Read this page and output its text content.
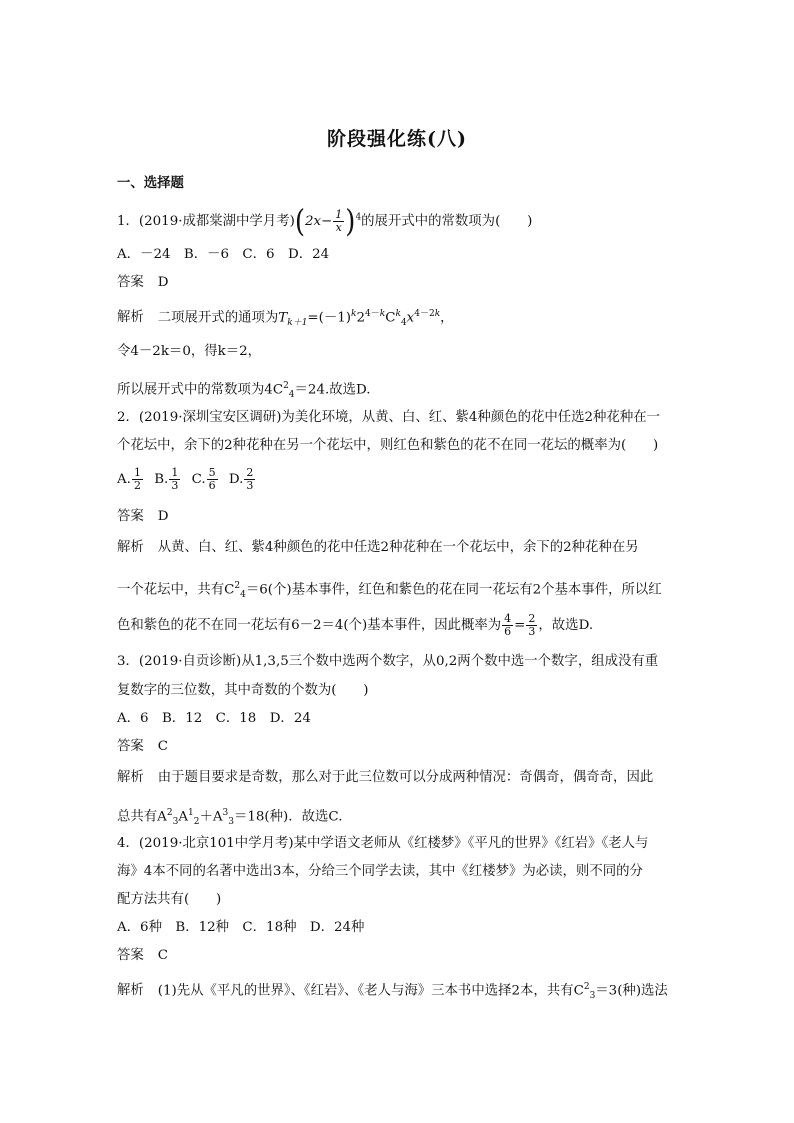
阶段强化练(八)
一、选择题
1．(2019·成都棠湖中学月考)$(2x- \frac{1}{x} )^4$的展开式中的常数项为(　　)
A．－24　B．－6　C．6　D．24
答案 D
解析 二项展开式的通项为$T_{k+1}=(-1)^k2^{4-k}C^k_4x^{4-2k}$，
令4－2k＝0，得k＝2，
所以展开式中的常数项为$4C^2_4=24$.故选D.
2．(2019·深圳宝安区调研)为美化环境，从黄、白、红、紫4种颜色的花中任选2种花种在一
个花坛中，余下的2种花种在另一个花坛中，则红色和紫色的花不在同一花坛的概率为(　　)
A. $\frac{1}{2} B$. $\frac{1}{3} C$. $\frac{5}{6} D$. $\frac{2}{3}$
答案 D
解析 从黄、白、红、紫4种颜色的花中任选2种花种在一个花坛中，余下的2种花种在另
一个花坛中，共有$C^2_4=6$(个)基本事件，红色和紫色的花在同一花坛有2个基本事件，所以红
色和紫色的花不在同一花坛有6－2＝4(个)基本事件，因此概率为 $\frac{4}{6} = \frac{2}{3}$ ，故选D.
3．(2019·自贡诊断)从1,3,5三个数中选两个数字，从0,2两个数中选一个数字，组成没有重
复数字的三位数，其中奇数的个数为(　　)
A．6　B．12　C．18　D．24
答案 C
解析 由于题目要求是奇数，那么对于此三位数可以分成两种情况：奇偶奇，偶奇奇，因此
总共有$A^2_3A^1_2+A^3_3=18$(种)．故选C.
4．(2019·北京101中学月考)某中学语文老师从《红楼梦》《平凡的世界》《红岩》《老人与
海》4本不同的名著中选出3本，分给三个同学去读，其中《红楼梦》为必读，则不同的分
配方法共有(　　)
A．6种　B．12种　C．18种　D．24种
答案 C
解析 (1)先从《平凡的世界》、《红岩》、《老人与海》三本书中选择2本，共有$C^2_3=3$(种)选法
